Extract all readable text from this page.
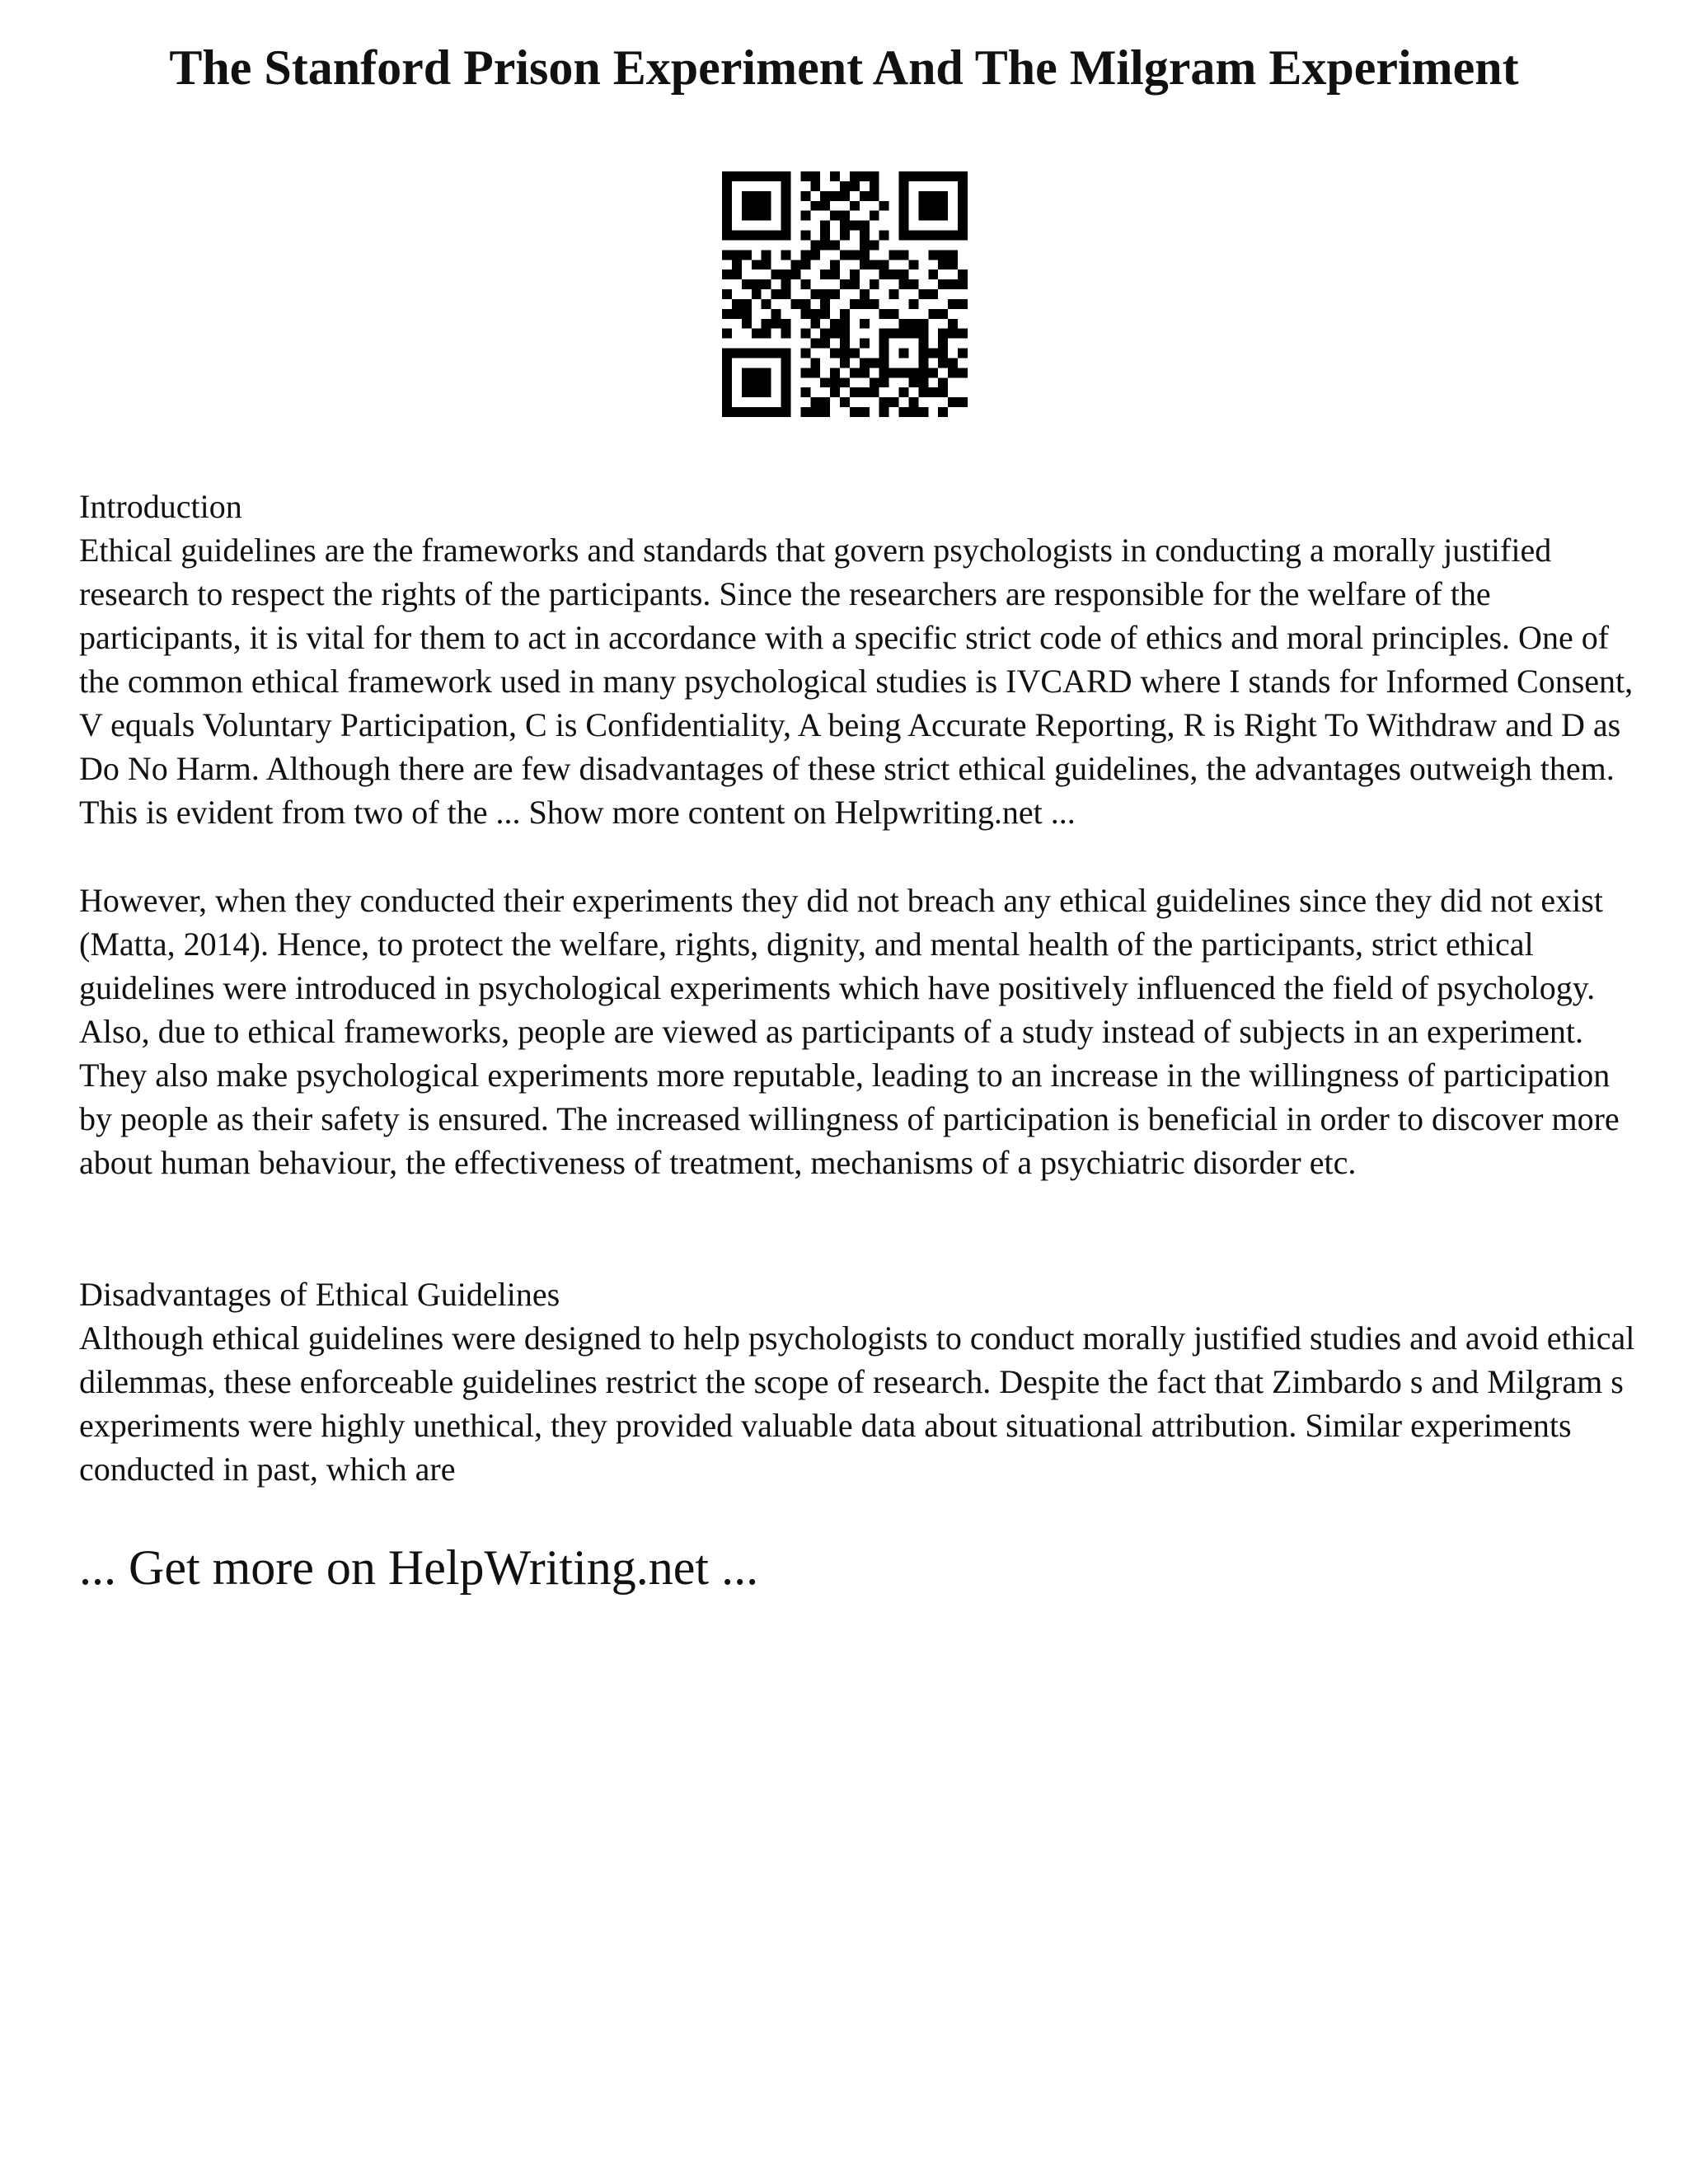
The Stanford Prison Experiment And The Milgram Experiment

Introduction

Ethical guidelines are the frameworks and standards that govern psychologists in conducting a morally justified research to respect the rights of the participants. Since the researchers are responsible for the welfare of the participants, it is vital for them to act in accordance with a specific strict code of ethics and moral principles. One of the common ethical framework used in many psychological studies is IVCARD where I stands for Informed Consent, V equals Voluntary Participation, C is Confidentiality, A being Accurate Reporting, R is Right To Withdraw and D as Do No Harm. Although there are few disadvantages of these strict ethical guidelines, the advantages outweigh them. This is evident from two of the ... Show more content on Helpwriting.net ...

However, when they conducted their experiments they did not breach any ethical guidelines since they did not exist (Matta, 2014). Hence, to protect the welfare, rights, dignity, and mental health of the participants, strict ethical guidelines were introduced in psychological experiments which have positively influenced the field of psychology. Also, due to ethical frameworks, people are viewed as participants of a study instead of subjects in an experiment. They also make psychological experiments more reputable, leading to an increase in the willingness of participation by people as their safety is ensured. The increased willingness of participation is beneficial in order to discover more about human behaviour, the effectiveness of treatment, mechanisms of a psychiatric disorder etc.

Disadvantages of Ethical Guidelines

Although ethical guidelines were designed to help psychologists to conduct morally justified studies and avoid ethical dilemmas, these enforceable guidelines restrict the scope of research. Despite the fact that Zimbardo s and Milgram s experiments were highly unethical, they provided valuable data about situational attribution. Similar experiments conducted in past, which are

... Get more on HelpWriting.net ...
